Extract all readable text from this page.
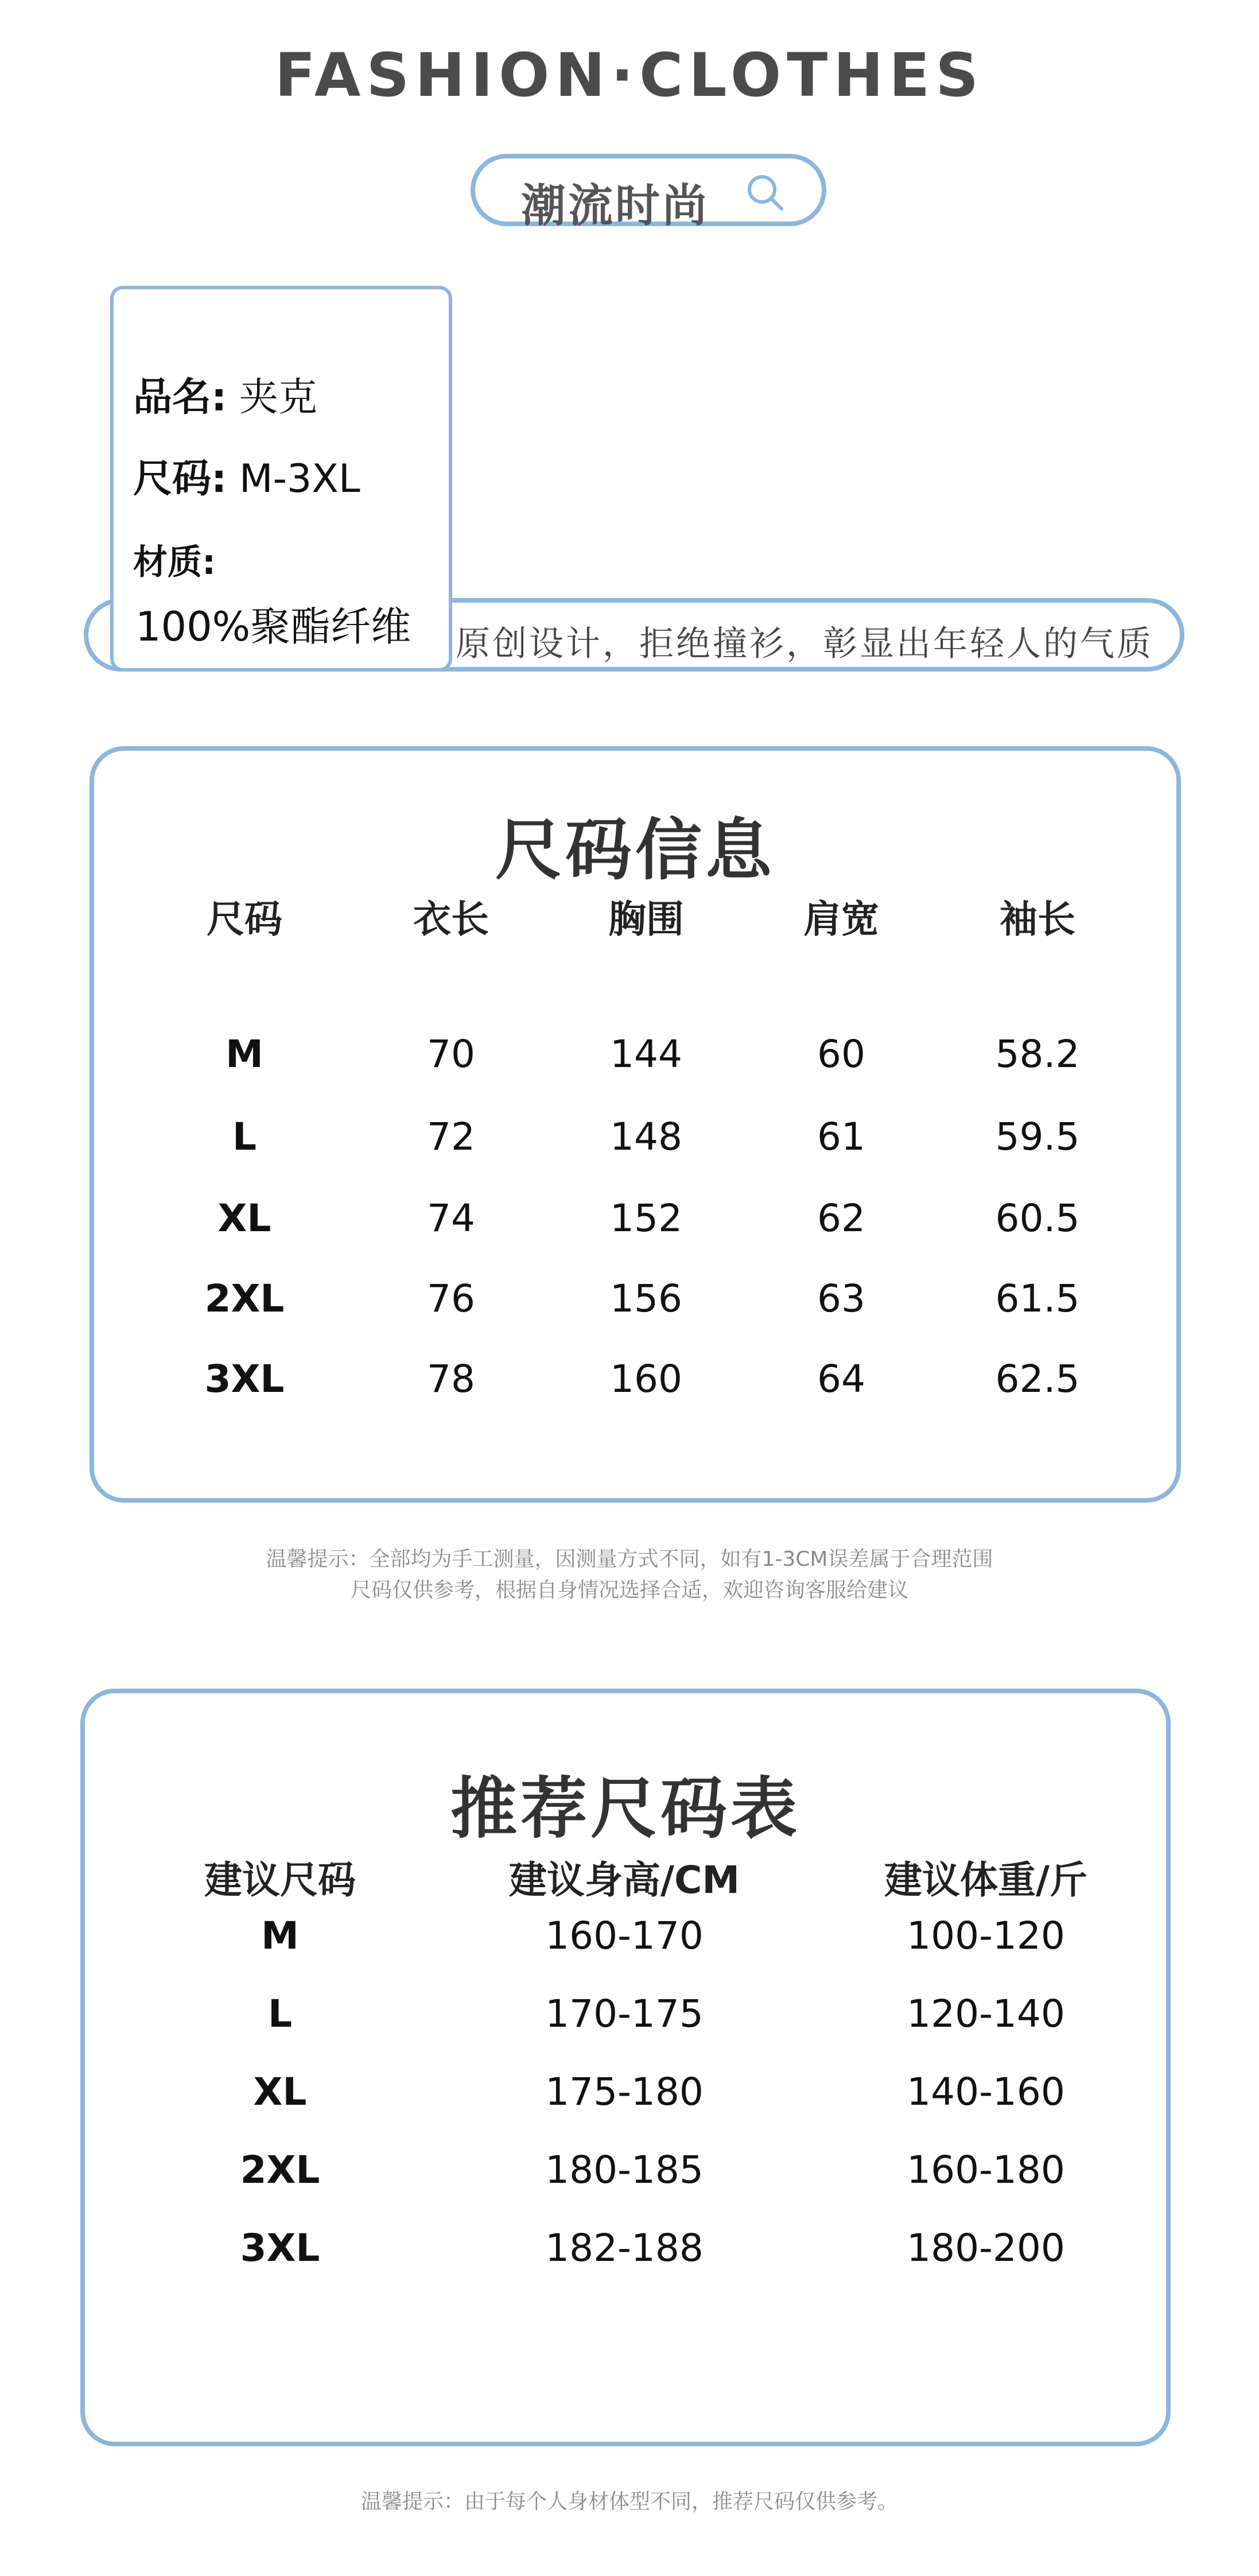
FASHION·CLOTHES
潮流时尚
原创设计，拒绝撞衫，彰显出年轻人的气质
品名: 夹克
尺码: M-3XL
材质:
100%聚酯纤维
尺码信息
尺码	衣长	胸围	肩宽	袖长
M	70	144	60	58.2
L	72	148	61	59.5
XL	74	152	62	60.5
2XL	76	156	63	61.5
3XL	78	160	64	62.5
温馨提示：全部均为手工测量，因测量方式不同，如有1-3CM误差属于合理范围
尺码仅供参考，根据自身情况选择合适，欢迎咨询客服给建议
推荐尺码表
建议尺码	建议身高/CM	建议体重/斤
M	160-170	100-120
L	170-175	120-140
XL	175-180	140-160
2XL	180-185	160-180
3XL	182-188	180-200
温馨提示：由于每个人身材体型不同，推荐尺码仅供参考。
